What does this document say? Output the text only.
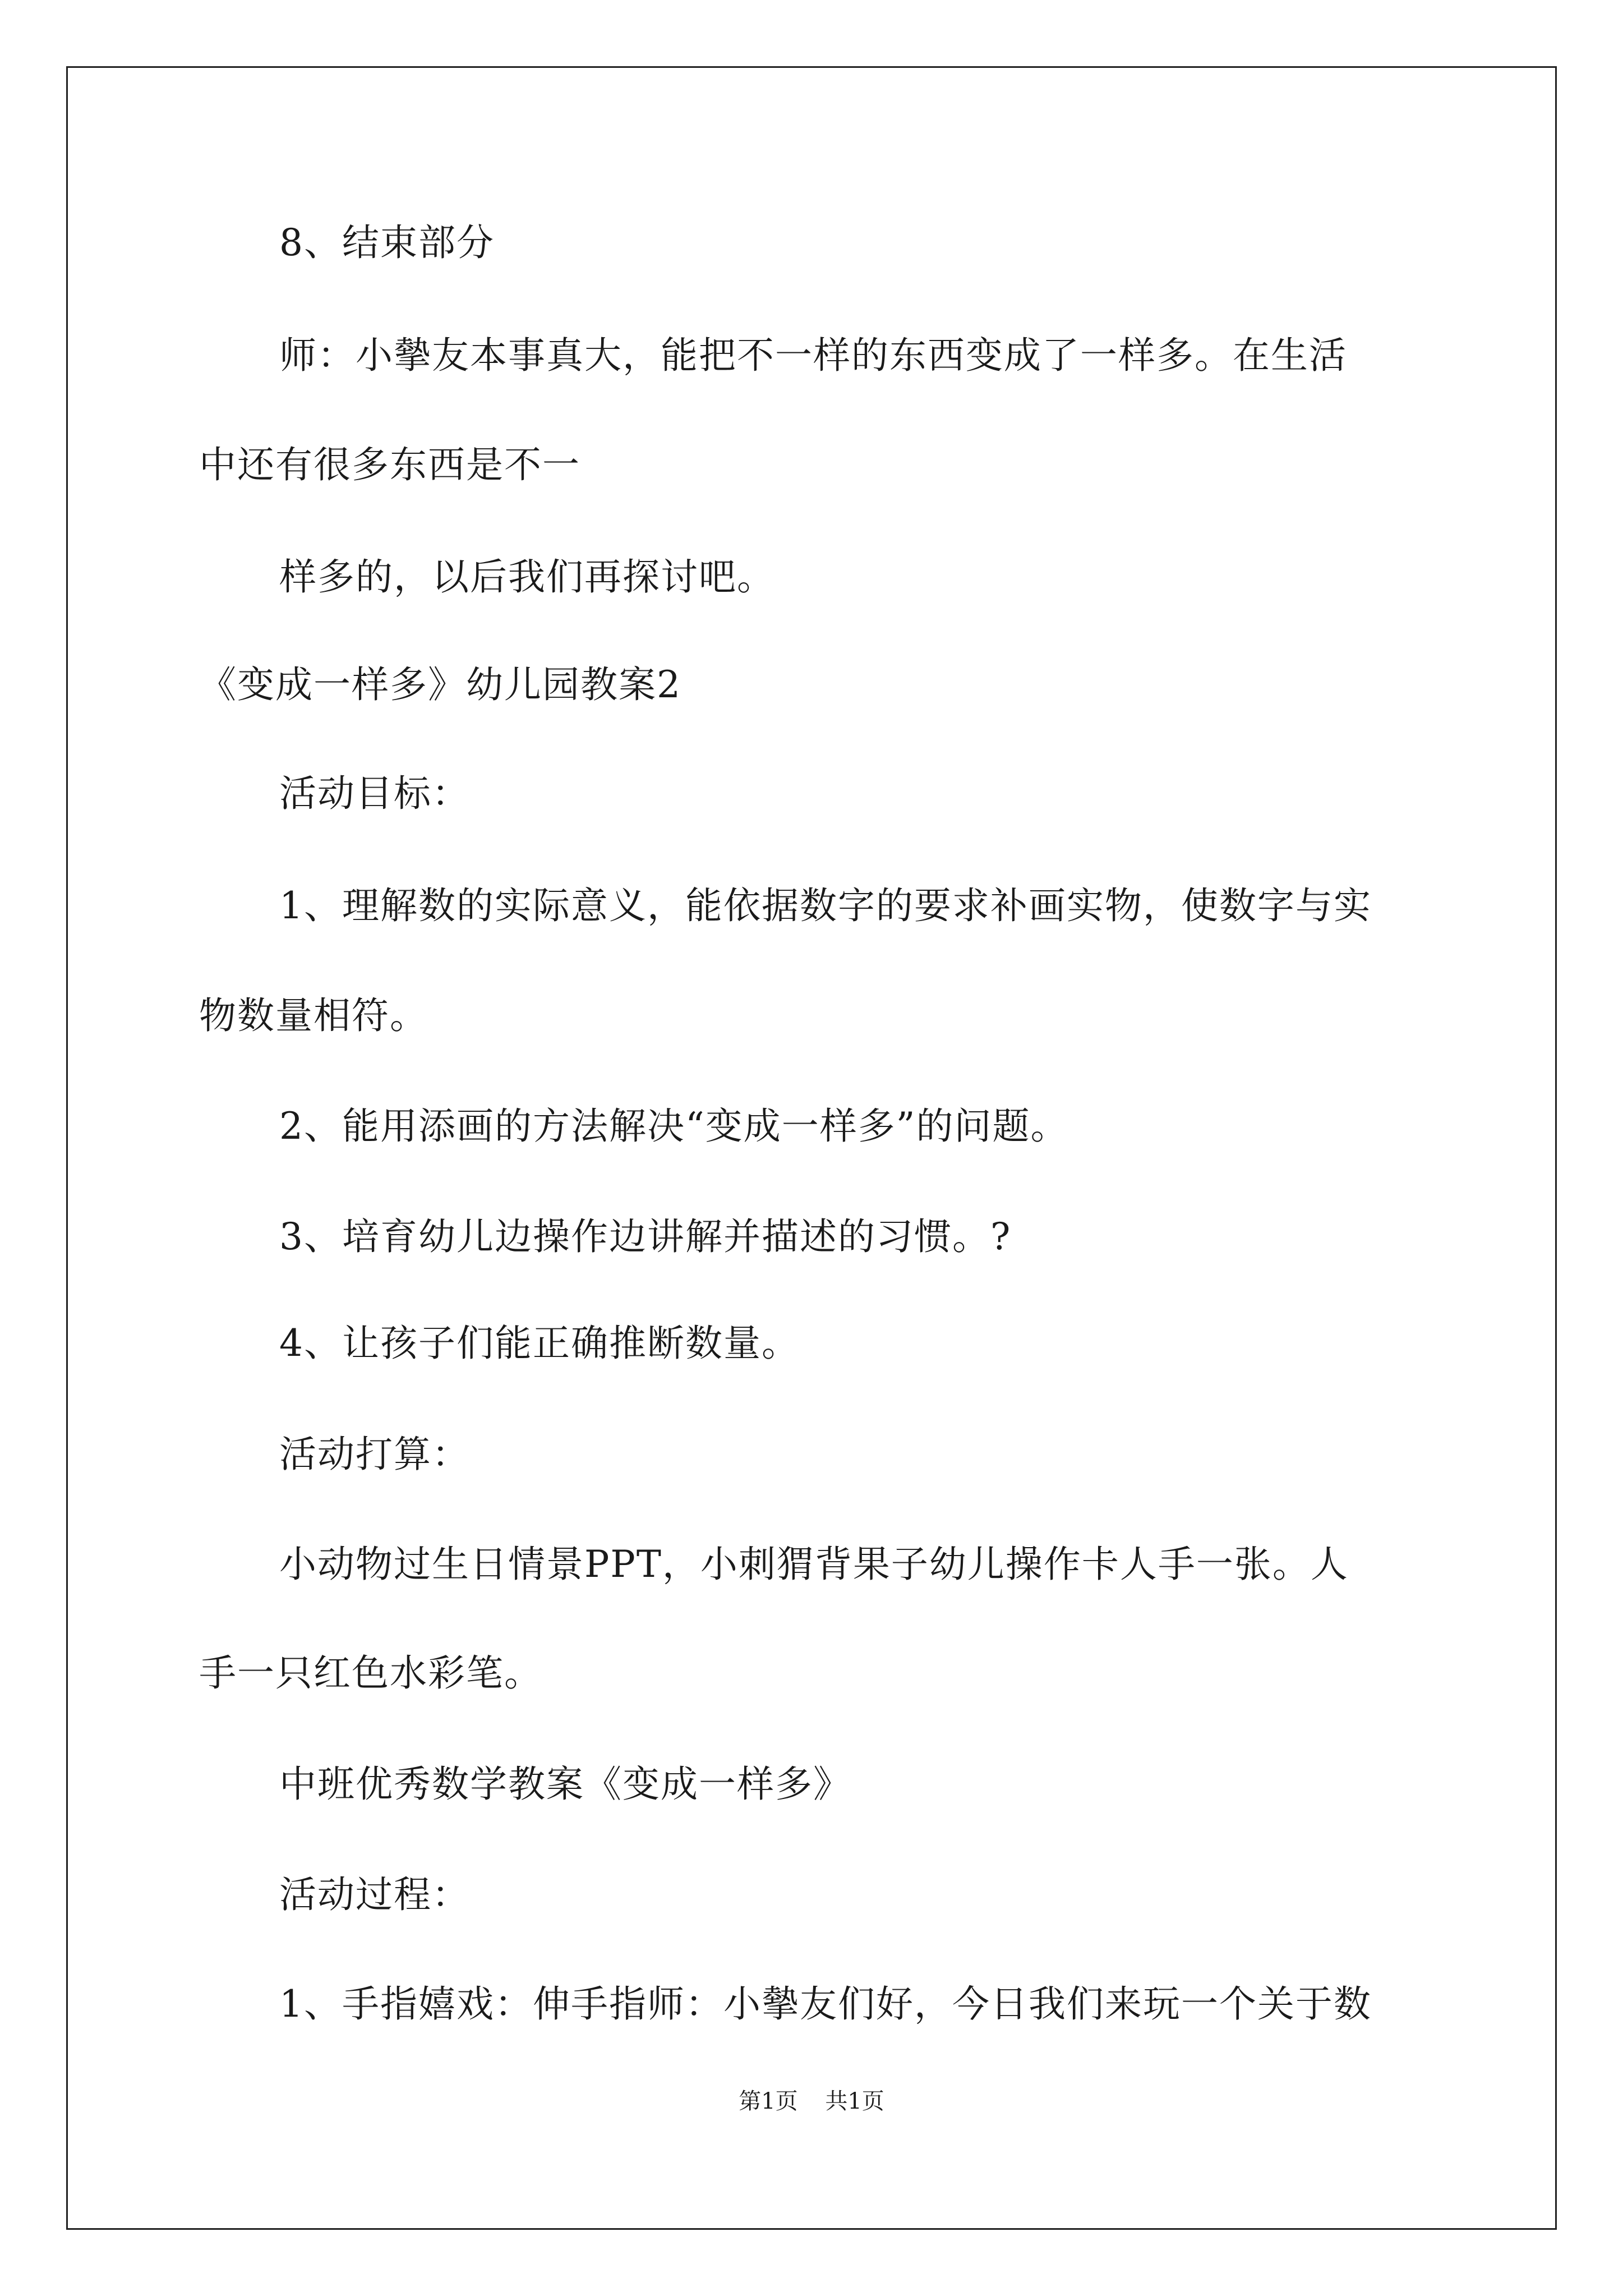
8、结束部分
师：小摰友本事真大，能把不一样的东西变成了一样多。在生活
中还有很多东西是不一
样多的，以后我们再探讨吧。
《变成一样多》幼儿园教案2
活动目标：
1、理解数的实际意义，能依据数字的要求补画实物，使数字与实
物数量相符。
2、能用添画的方法解决“变成一样多”的问题。
3、培育幼儿边操作边讲解并描述的习惯。?
4、让孩子们能正确推断数量。
活动打算：
小动物过生日情景PPT，小刺猬背果子幼儿操作卡人手一张。人
手一只红色水彩笔。
中班优秀数学教案《变成一样多》
活动过程：
1、手指嬉戏：伸手指师：小摰友们好，今日我们来玩一个关于数
第1页 共1页
